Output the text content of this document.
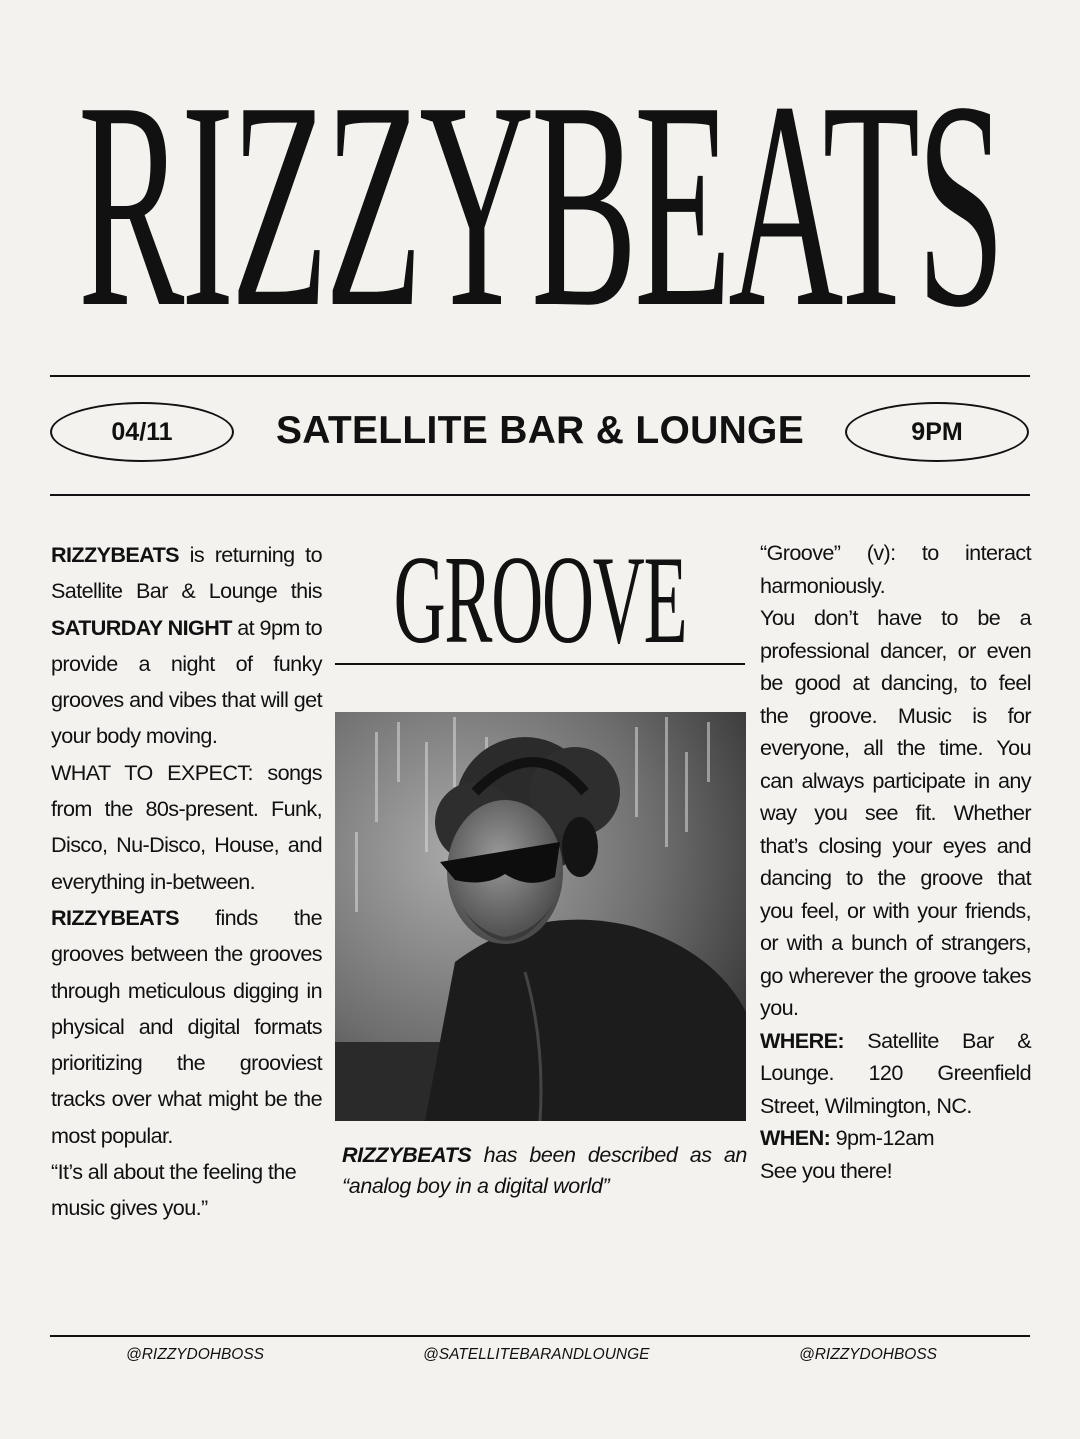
RIZZYBEATS
04/11	SATELLITE BAR & LOUNGE	9PM

RIZZYBEATS is returning to Satellite Bar & Lounge this SATURDAY NIGHT at 9pm to provide a night of funky grooves and vibes that will get your body moving.

WHAT TO EXPECT: songs from the 80s-present. Funk, Disco, Nu-Disco, House, and everything in-between.

RIZZYBEATS finds the grooves between the grooves through meticulous digging in physical and digital formats prioritizing the grooviest tracks over what might be the most popular.

“It’s all about the feeling the music gives you.”

GROOVE
RIZZYBEATS has been described as an “analog boy in a digital world”

“Groove” (v): to interact harmoniously.

You don’t have to be a professional dancer, or even be good at dancing, to feel the groove. Music is for everyone, all the time. You can always participate in any way you see fit. Whether that’s closing your eyes and dancing to the groove that you feel, or with your friends, or with a bunch of strangers, go wherever the groove takes you.

WHERE: Satellite Bar & Lounge. 120 Greenfield Street, Wilmington, NC.

WHEN: 9pm-12am

See you there!

@RIZZYDOHBOSS	@SATELLITEBARANDLOUNGE	@RIZZYDOHBOSS
